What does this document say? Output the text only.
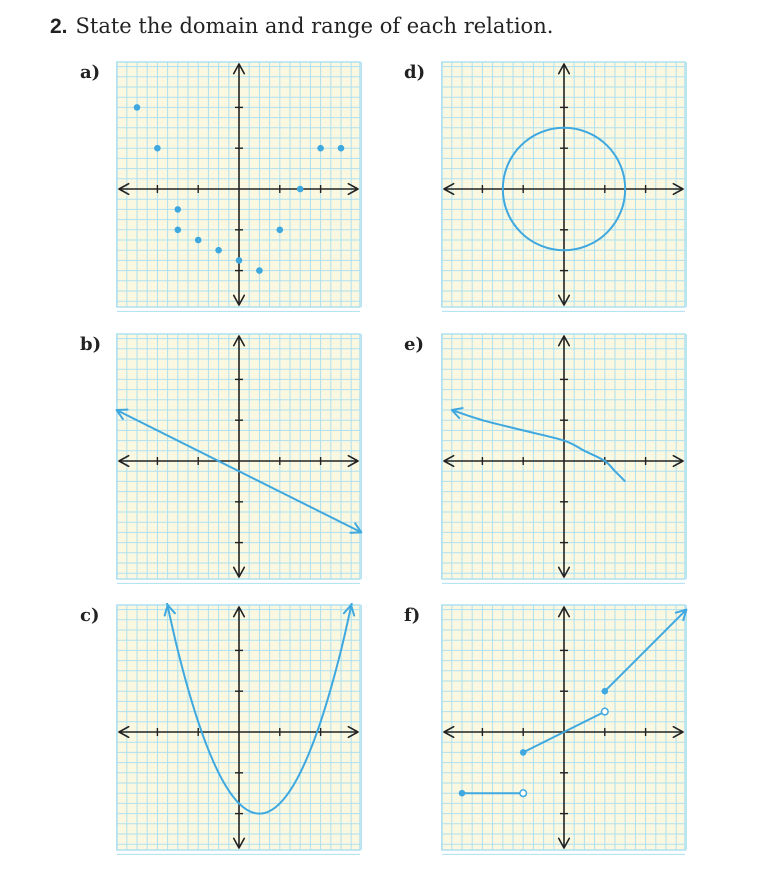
2. State the domain and range of each relation.
a)
b)
c)
d)
e)
f)
